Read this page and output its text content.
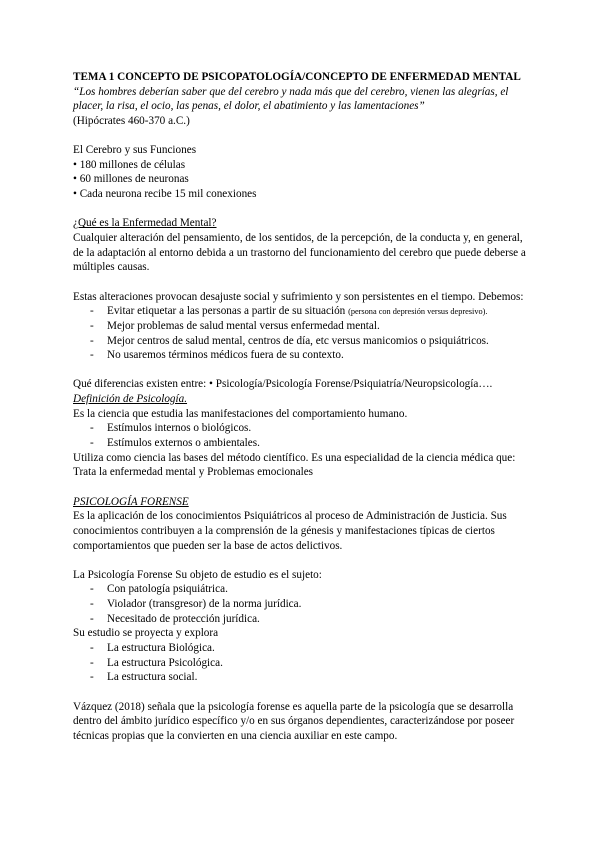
TEMA 1 CONCEPTO DE PSICOPATOLOGÍA/CONCEPTO DE ENFERMEDAD MENTAL
“Los hombres deberían saber que del cerebro y nada más que del cerebro, vienen las alegrías, el
placer, la risa, el ocio, las penas, el dolor, el abatimiento y las lamentaciones”
(Hipócrates 460-370 a.C.)
El Cerebro y sus Funciones
• 180 millones de células
• 60 millones de neuronas
• Cada neurona recibe 15 mil conexiones
¿Qué es la Enfermedad Mental?
Cualquier alteración del pensamiento, de los sentidos, de la percepción, de la conducta y, en general,
de la adaptación al entorno debida a un trastorno del funcionamiento del cerebro que puede deberse a
múltiples causas.
Estas alteraciones provocan desajuste social y sufrimiento y son persistentes en el tiempo. Debemos:
- Evitar etiquetar a las personas a partir de su situación (persona con depresión versus depresivo).
- Mejor problemas de salud mental versus enfermedad mental.
- Mejor centros de salud mental, centros de día, etc versus manicomios o psiquiátricos.
- No usaremos términos médicos fuera de su contexto.
Qué diferencias existen entre: • Psicología/Psicología Forense/Psiquiatría/Neuropsicología….
Definición de Psicología.
Es la ciencia que estudia las manifestaciones del comportamiento humano.
- Estímulos internos o biológicos.
- Estímulos externos o ambientales.
Utiliza como ciencia las bases del método científico. Es una especialidad de la ciencia médica que:
Trata la enfermedad mental y Problemas emocionales
PSICOLOGÍA FORENSE
Es la aplicación de los conocimientos Psiquiátricos al proceso de Administración de Justicia. Sus
conocimientos contribuyen a la comprensión de la génesis y manifestaciones típicas de ciertos
comportamientos que pueden ser la base de actos delictivos.
La Psicología Forense Su objeto de estudio es el sujeto:
- Con patología psiquiátrica.
- Violador (transgresor) de la norma jurídica.
- Necesitado de protección jurídica.
Su estudio se proyecta y explora
- La estructura Biológica.
- La estructura Psicológica.
- La estructura social.
Vázquez (2018) señala que la psicología forense es aquella parte de la psicología que se desarrolla
dentro del ámbito jurídico específico y/o en sus órganos dependientes, caracterizándose por poseer
técnicas propias que la convierten en una ciencia auxiliar en este campo.
